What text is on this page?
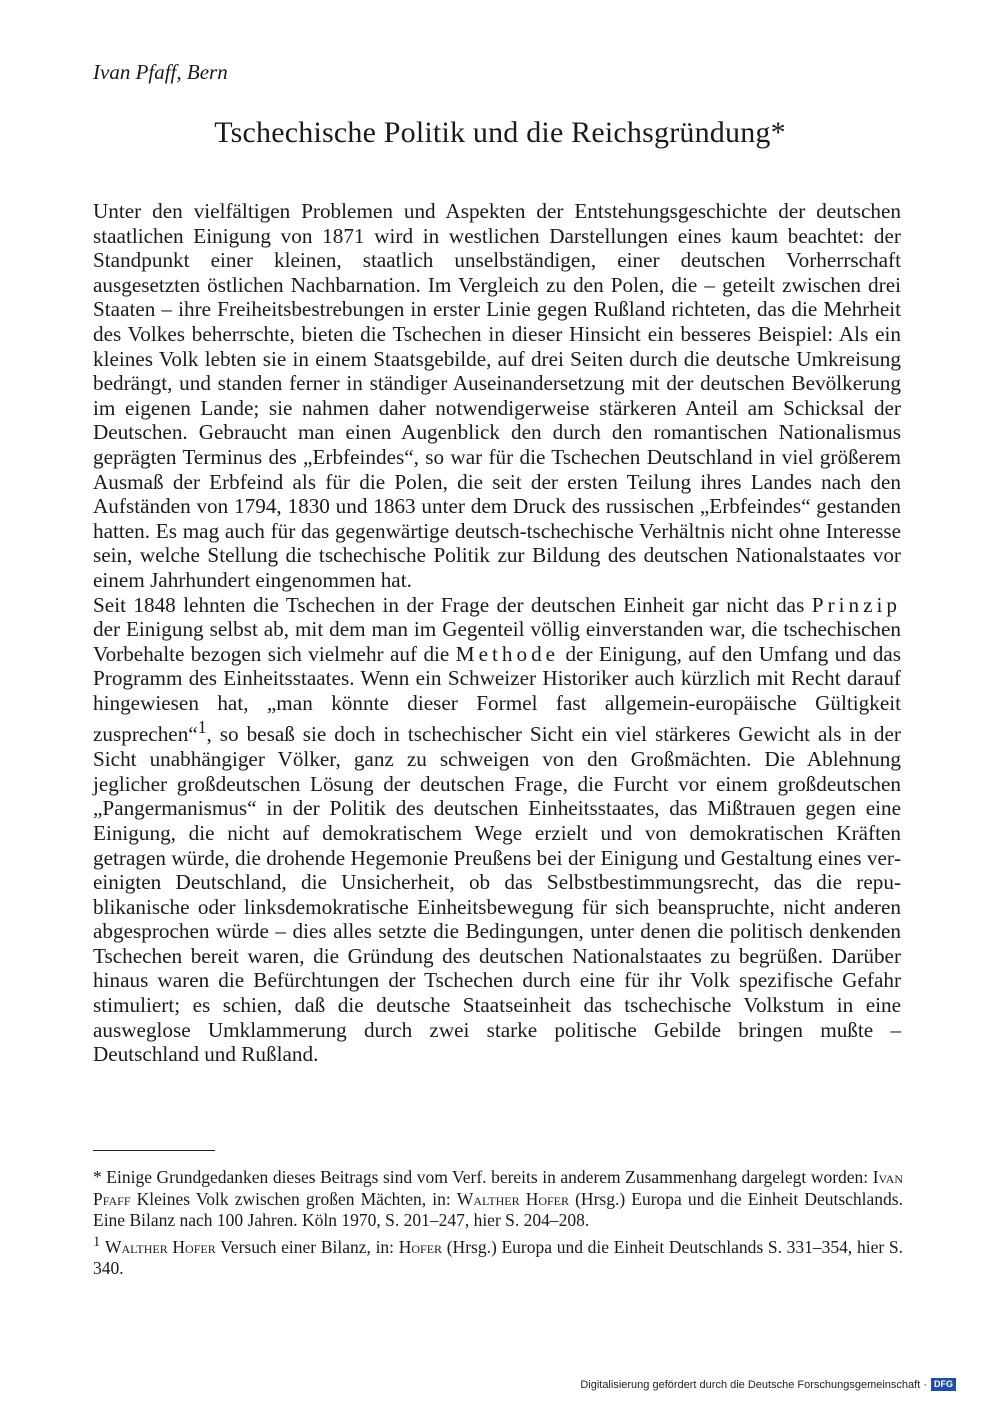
Ivan Pfaff, Bern
Tschechische Politik und die Reichsgründung*

Unter den vielfältigen Problemen und Aspekten der Entstehungsgeschichte der deutschen staatlichen Einigung von 1871 wird in westlichen Darstellungen eines kaum beachtet: der Standpunkt einer kleinen, staatlich unselbständigen, einer deutschen Vorherrschaft ausgesetzten östlichen Nachbarnation. Im Vergleich zu den Polen, die – geteilt zwischen drei Staaten – ihre Freiheitsbestrebungen in erster Linie gegen Rußland richteten, das die Mehrheit des Volkes beherrschte, bieten die Tschechen in dieser Hinsicht ein besseres Beispiel: Als ein kleines Volk lebten sie in einem Staatsgebilde, auf drei Seiten durch die deutsche Umkreisung bedrängt, und standen ferner in ständiger Auseinandersetzung mit der deutschen Bevölkerung im eigenen Lande; sie nahmen daher notwendigerweise stärkeren Anteil am Schicksal der Deutschen. Gebraucht man einen Augenblick den durch den romantischen Nationalismus geprägten Terminus des „Erbfeindes“, so war für die Tschechen Deutschland in viel größerem Ausmaß der Erbfeind als für die Polen, die seit der ersten Teilung ihres Landes nach den Aufständen von 1794, 1830 und 1863 unter dem Druck des russischen „Erbfeindes“ gestanden hatten. Es mag auch für das gegenwärtige deutsch-tschechische Verhältnis nicht ohne Interesse sein, welche Stellung die tschechische Politik zur Bildung des deutschen Nationalstaates vor einem Jahrhundert eingenommen hat.

Seit 1848 lehnten die Tschechen in der Frage der deutschen Einheit gar nicht das Prinzip der Einigung selbst ab, mit dem man im Gegenteil völlig einverstanden war, die tschechischen Vorbehalte bezogen sich vielmehr auf die Methode der Einigung, auf den Umfang und das Programm des Einheitsstaates. Wenn ein Schweizer Historiker auch kürzlich mit Recht darauf hingewiesen hat, „man könnte dieser Formel fast allgemein-europäische Gültigkeit zusprechen“$^1$, so besaß sie doch in tschechischer Sicht ein viel stärkeres Gewicht als in der Sicht unabhängiger Völker, ganz zu schweigen von den Großmächten. Die Ablehnung jeglicher großdeutschen Lösung der deutschen Frage, die Furcht vor einem großdeutschen „Pangermanismus“ in der Politik des deutschen Einheitsstaates, das Mißtrauen gegen eine Einigung, die nicht auf demokratischem Wege erzielt und von demokratischen Kräften getragen würde, die drohende Hegemonie Preußens bei der Einigung und Gestaltung eines vereinigten Deutschland, die Unsicherheit, ob das Selbstbestimmungsrecht, das die republikanische oder linksdemokratische Einheitsbewegung für sich beanspruchte, nicht anderen abgesprochen würde – dies alles setzte die Bedingungen, unter denen die politisch denkenden Tschechen bereit waren, die Gründung des deutschen Nationalstaates zu begrüßen. Darüber hinaus waren die Befürchtungen der Tschechen durch eine für ihr Volk spezifische Gefahr stimuliert; es schien, daß die deutsche Staatseinheit das tschechische Volkstum in eine ausweglose Umklammerung durch zwei starke politische Gebilde bringen mußte – Deutschland und Rußland.

* Einige Grundgedanken dieses Beitrags sind vom Verf. bereits in anderem Zusammenhang dargelegt worden: Ivan Pfaff Kleines Volk zwischen großen Mächten, in: Walther Hofer (Hrsg.) Europa und die Einheit Deutschlands. Eine Bilanz nach 100 Jahren. Köln 1970, S. 201–247, hier S. 204–208.

$^1$ Walther Hofer Versuch einer Bilanz, in: Hofer (Hrsg.) Europa und die Einheit Deutschlands S. 331–354, hier S. 340.

Digitalisierung gefördert durch die Deutsche Forschungsgemeinschaft · DFG
